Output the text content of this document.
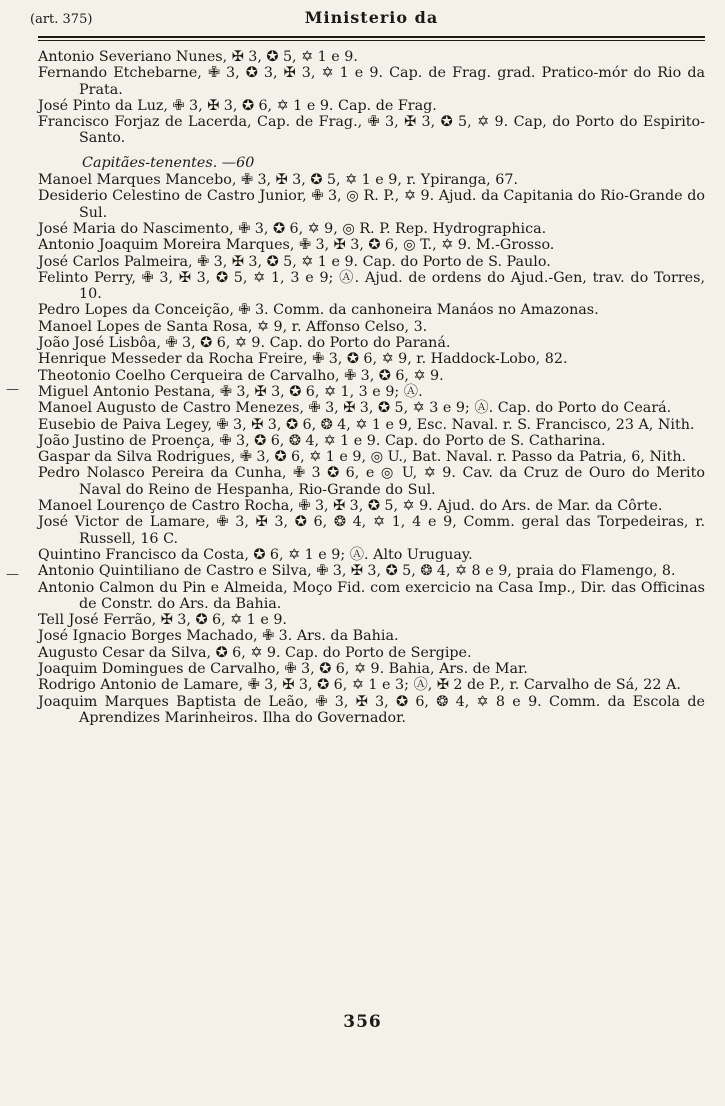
(art. 375)	Ministerio da

Antonio Severiano Nunes, ✠ 3, ✪ 5, ✡ 1 e 9.

Fernando Etchebarne, ✙ 3, ✪ 3, ✠ 3, ✡ 1 e 9. Cap. de Frag. grad. Pratico-mór do Rio da Prata.

José Pinto da Luz, ✙ 3, ✠ 3, ✪ 6, ✡ 1 e 9. Cap. de Frag.

Francisco Forjaz de Lacerda, Cap. de Frag., ✙ 3, ✠ 3, ✪ 5, ✡ 9. Cap, do Porto do Espirito-Santo.

Capitães-tenentes. —60

Manoel Marques Mancebo, ✙ 3, ✠ 3, ✪ 5, ✡ 1 e 9, r. Ypiranga, 67.

Desiderio Celestino de Castro Junior, ✙ 3, ◎ R. P., ✡ 9. Ajud. da Capitania do Rio-Grande do Sul.

José Maria do Nascimento, ✙ 3, ✪ 6, ✡ 9, ◎ R. P. Rep. Hydrographica.

Antonio Joaquim Moreira Marques, ✙ 3, ✠ 3, ✪ 6, ◎ T., ✡ 9. M.-Grosso.

José Carlos Palmeira, ✙ 3, ✠ 3, ✪ 5, ✡ 1 e 9. Cap. do Porto de S. Paulo.

Felinto Perry, ✙ 3, ✠ 3, ✪ 5, ✡ 1, 3 e 9; Ⓐ. Ajud. de ordens do Ajud.-Gen, trav. do Torres, 10.

Pedro Lopes da Conceição, ✙ 3. Comm. da canhoneira Manáos no Amazonas.

Manoel Lopes de Santa Rosa, ✡ 9, r. Affonso Celso, 3.

João José Lisbôa, ✙ 3, ✪ 6, ✡ 9. Cap. do Porto do Paraná.

Henrique Messeder da Rocha Freire, ✙ 3, ✪ 6, ✡ 9, r. Haddock-Lobo, 82.

Theotonio Coelho Cerqueira de Carvalho, ✙ 3, ✪ 6, ✡ 9.

Miguel Antonio Pestana, ✙ 3, ✠ 3, ✪ 6, ✡ 1, 3 e 9; Ⓐ.

Manoel Augusto de Castro Menezes, ✙ 3, ✠ 3, ✪ 5, ✡ 3 e 9; Ⓐ. Cap. do Porto do Ceará.

Eusebio de Paiva Legey, ✙ 3, ✠ 3, ✪ 6, ❂ 4, ✡ 1 e 9, Esc. Naval. r. S. Francisco, 23 A, Nith.

João Justino de Proença, ✙ 3, ✪ 6, ❂ 4, ✡ 1 e 9. Cap. do Porto de S. Catharina.

Gaspar da Silva Rodrigues, ✙ 3, ✪ 6, ✡ 1 e 9, ◎ U., Bat. Naval. r. Passo da Patria, 6, Nith.

Pedro Nolasco Pereira da Cunha, ✙ 3 ✪ 6, e ◎ U, ✡ 9. Cav. da Cruz de Ouro do Merito Naval do Reino de Hespanha, Rio-Grande do Sul.

Manoel Lourenço de Castro Rocha, ✙ 3, ✠ 3, ✪ 5, ✡ 9. Ajud. do Ars. de Mar. da Côrte.

José Victor de Lamare, ✙ 3, ✠ 3, ✪ 6, ❂ 4, ✡ 1, 4 e 9, Comm. geral das Torpedeiras, r. Russell, 16 C.

Quintino Francisco da Costa, ✪ 6, ✡ 1 e 9; Ⓐ. Alto Uruguay.

Antonio Quintiliano de Castro e Silva, ✙ 3, ✠ 3, ✪ 5, ❂ 4, ✡ 8 e 9, praia do Flamengo, 8.

Antonio Calmon du Pin e Almeida, Moço Fid. com exercicio na Casa Imp., Dir. das Officinas de Constr. do Ars. da Bahia.

Tell José Ferrão, ✠ 3, ✪ 6, ✡ 1 e 9.

José Ignacio Borges Machado, ✙ 3. Ars. da Bahia.

Augusto Cesar da Silva, ✪ 6, ✡ 9. Cap. do Porto de Sergipe.

Joaquim Domingues de Carvalho, ✙ 3, ✪ 6, ✡ 9. Bahia, Ars. de Mar.

Rodrigo Antonio de Lamare, ✙ 3, ✠ 3, ✪ 6, ✡ 1 e 3; Ⓐ, ✠ 2 de P., r. Carvalho de Sá, 22 A.

Joaquim Marques Baptista de Leão, ✙ 3, ✠ 3, ✪ 6, ❂ 4, ✡ 8 e 9. Comm. da Escola de Aprendizes Marinheiros. Ilha do Governador.

—
—
356
